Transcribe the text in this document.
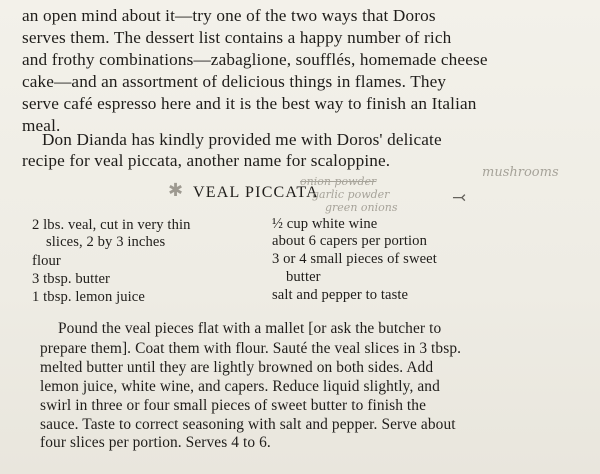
an open mind about it—try one of the two ways that Doros
serves them. The dessert list contains a happy number of rich
and frothy combinations—zabaglione, soufflés, homemade cheese
cake—and an assortment of delicious things in flames. They
serve café espresso here and it is the best way to finish an Italian
meal.
Don Dianda has kindly provided me with Doros' delicate
recipe for veal piccata, another name for scaloppine.
✱ VEAL PICCATA
onion powder
garlic powder
green onions
mushrooms
⤙
2 lbs. veal, cut in very thin
slices, 2 by 3 inches
flour
3 tbsp. butter
1 tbsp. lemon juice
½ cup white wine
about 6 capers per portion
3 or 4 small pieces of sweet
butter
salt and pepper to taste
Pound the veal pieces flat with a mallet [or ask the butcher to
prepare them]. Coat them with flour. Sauté the veal slices in 3 tbsp.
melted butter until they are lightly browned on both sides. Add
lemon juice, white wine, and capers. Reduce liquid slightly, and
swirl in three or four small pieces of sweet butter to finish the
sauce. Taste to correct seasoning with salt and pepper. Serve about
four slices per portion. Serves 4 to 6.
